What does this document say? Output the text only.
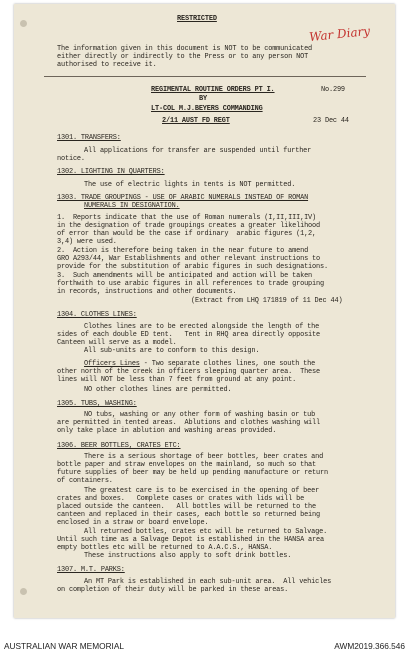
RESTRICTED
War Diary
The information given in this document is NOT to be communicated
either directly or indirectly to the Press or to any person NOT
authorised to receive it.
REGIMENTAL ROUTINE ORDERS PT I.	No.299
BY
LT-COL M.J.BEYERS COMMANDING
2/11 AUST FD REGT	23 Dec 44
1301. TRANSFERS:
All applications for transfer are suspended until further
notice.
1302. LIGHTING IN QUARTERS:
The use of electric lights in tents is NOT permitted.
1303. TRADE GROUPINGS - USE OF ARABIC NUMERALS INSTEAD OF ROMAN
NUMERALS IN DESIGNATION.
1.  Reports indicate that the use of Roman numerals (I,II,III,IV)
in the designation of trade groupings creates a greater likelihood
of error than would be the case if ordinary  arabic figures (1,2,
3,4) were used.
2.  Action is therefore being taken in the near future to amend
GRO A293/44, War Establishments and other relevant instructions to
provide for the substitution of arabic figures in such designations.
3.  Such amendments will be anticipated and action will be taken
forthwith to use arabic figures in all references to trade grouping
in records, instructions and other documents.
(Extract from LHQ 171819 of 11 Dec 44)
1304. CLOTHES LINES:
Clothes lines are to be erected alongside the length of the
sides of each double ED tent.   Tent in RHQ area directly opposite
Canteen will serve as a model.
All sub-units are to conform to this design.
Officers Lines - Two separate clothes lines, one south the
other north of the creek in officers sleeping quarter area.  These
lines will NOT be less than 7 feet from ground at any point.
NO other clothes lines are permitted.
1305. TUBS, WASHING:
NO tubs, washing or any other form of washing basin or tub
are permitted in tented areas.  Ablutions and clothes washing will
only take place in ablution and washing areas provided.
1306. BEER BOTTLES, CRATES ETC:
There is a serious shortage of beer bottles, beer crates and
bottle paper and straw envelopes on the mainland, so much so that
future supplies of beer may be held up pending manufacture or return
of containers.
The greatest care is to be exercised in the opening of beer
crates and boxes.   Complete cases or crates with lids will be
placed outside the canteen.   All bottles will be returned to the
canteen and replaced in their cases, each bottle so returned being
enclosed in a straw or board envelope.
All returned bottles, crates etc will be returned to Salvage.
Until such time as a Salvage Depot is established in the HANSA area
empty bottles etc will be returned to A.A.C.S., HANSA.
These instructions also apply to soft drink bottles.
1307. M.T. PARKS:
An MT Park is established in each sub-unit area.  All vehicles
on completion of their duty will be parked in these areas.
AUSTRALIAN WAR MEMORIAL	AWM2019.366.546
